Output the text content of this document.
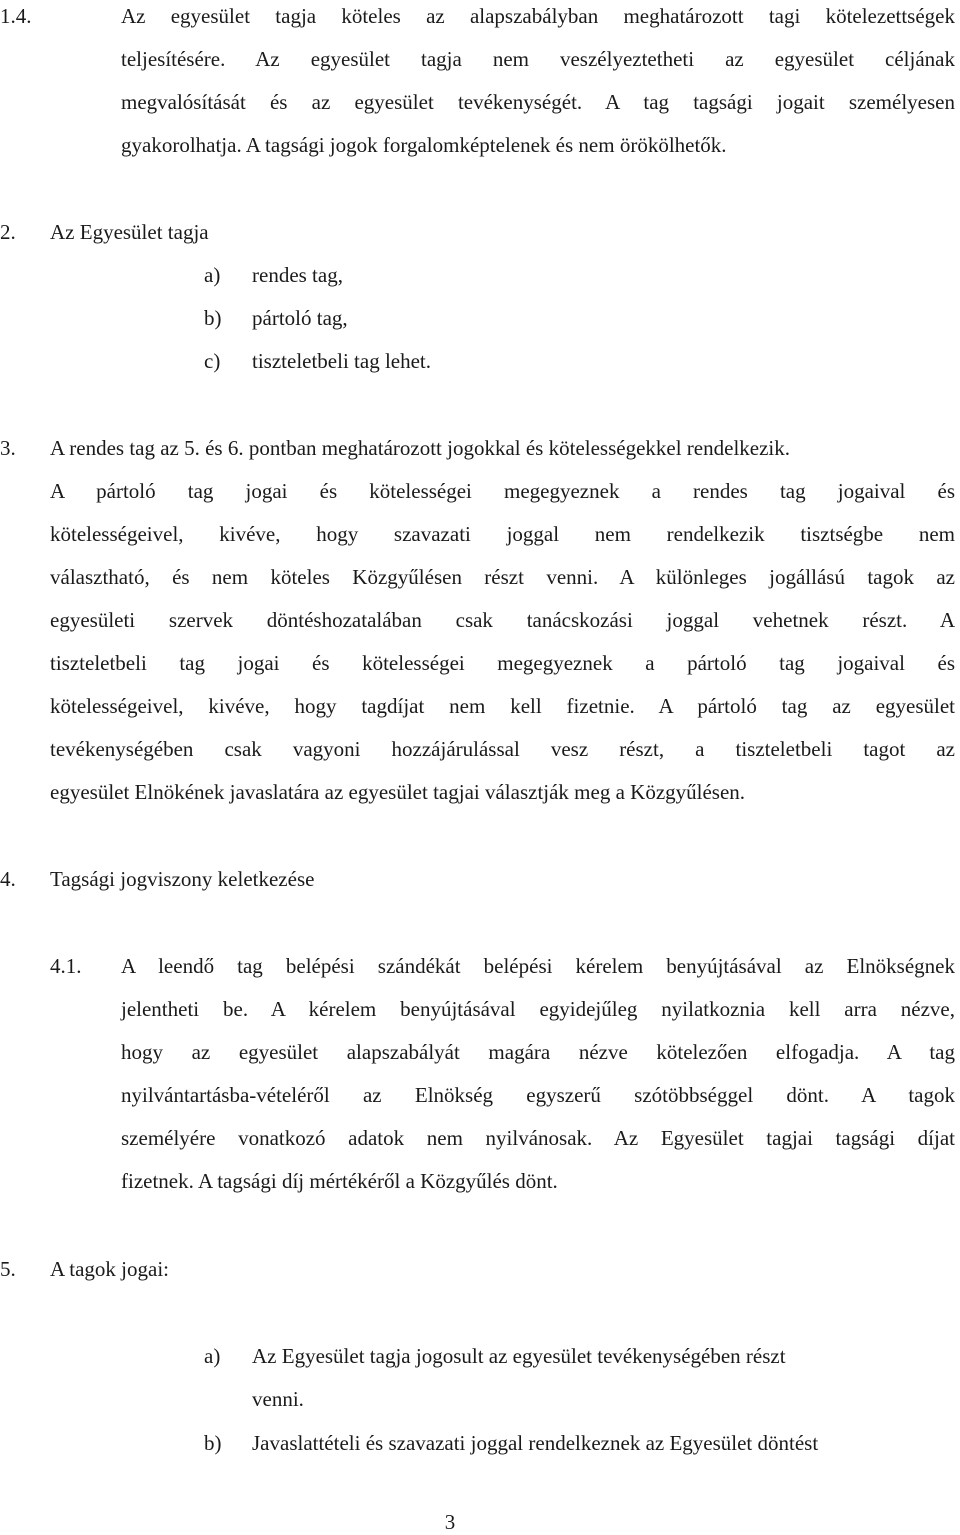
1.4.	Az egyesület tagja köteles az alapszabályban meghatározott tagi kötelezettségek
teljesítésére. Az egyesület tagja nem veszélyeztetheti az egyesület céljának
megvalósítását és az egyesület tevékenységét. A tag tagsági jogait személyesen
gyakorolhatja. A tagsági jogok forgalomképtelenek és nem örökölhetők.
2. Az Egyesület tagja
a) rendes tag,
b) pártoló tag,
c) tiszteletbeli tag lehet.
3. A rendes tag az 5. és 6. pontban meghatározott jogokkal és kötelességekkel rendelkezik.
A pártoló tag jogai és kötelességei megegyeznek a rendes tag jogaival és
kötelességeivel, kivéve, hogy szavazati joggal nem rendelkezik tisztségbe nem
választható, és nem köteles Közgyűlésen részt venni. A különleges jogállású tagok az
egyesületi szervek döntéshozatalában csak tanácskozási joggal vehetnek részt. A
tiszteletbeli tag jogai és kötelességei megegyeznek a pártoló tag jogaival és
kötelességeivel, kivéve, hogy tagdíjat nem kell fizetnie. A pártoló tag az egyesület
tevékenységében csak vagyoni hozzájárulással vesz részt, a tiszteletbeli tagot az
egyesület Elnökének javaslatára az egyesület tagjai választják meg a Közgyűlésen.
4. Tagsági jogviszony keletkezése
4.1. A leendő tag belépési szándékát belépési kérelem benyújtásával az Elnökségnek
jelentheti be. A kérelem benyújtásával egyidejűleg nyilatkoznia kell arra nézve,
hogy az egyesület alapszabályát magára nézve kötelezően elfogadja. A tag
nyilvántartásba-vételéről az Elnökség egyszerű szótöbbséggel dönt. A tagok
személyére vonatkozó adatok nem nyilvánosak. Az Egyesület tagjai tagsági díjat
fizetnek. A tagsági díj mértékéről a Közgyűlés dönt.
5. A tagok jogai:
a) Az Egyesület tagja jogosult az egyesület tevékenységében részt
venni.
b) Javaslattételi és szavazati joggal rendelkeznek az Egyesület döntést
3
